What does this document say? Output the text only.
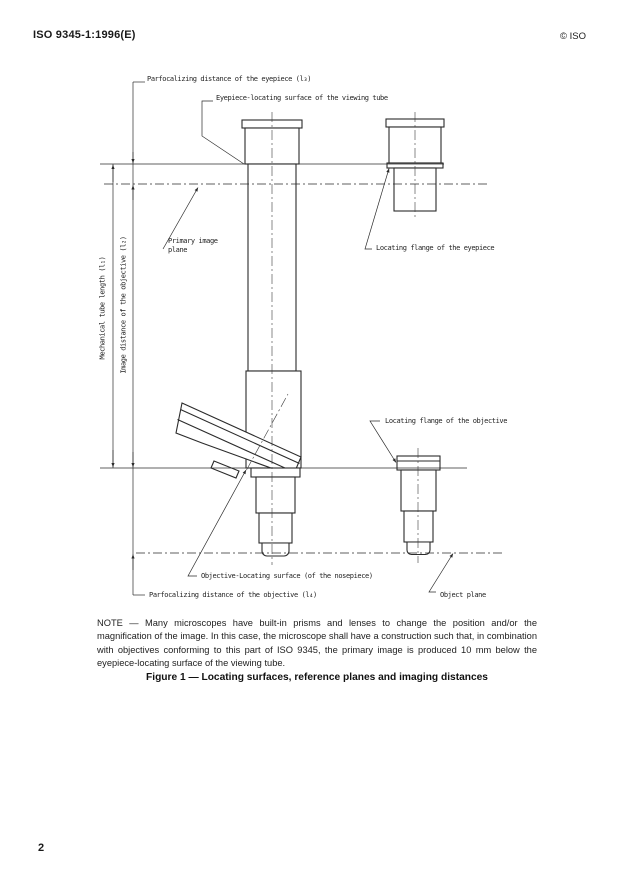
ISO 9345-1:1996(E)	© ISO
Parfocalizing distance of the eyepiece (l₃)
Eyepiece-locating surface of the viewing tube
Primary image plane	Locating flange of the eyepiece
Mechanical tube length (l₁) Image distance of the objective (l₂)
Locating flange of the objective
Objective-Locating surface (of the nosepiece)
Parfocalizing distance of the objective (l₄)	Object plane
NOTE — Many microscopes have built-in prisms and lenses to change the position and/or the magnification of the image. In this case, the microscope shall have a construction such that, in combination with objectives conforming to this part of ISO 9345, the primary image is produced 10 mm below the eyepiece-locating surface of the viewing tube.
Figure 1 — Locating surfaces, reference planes and imaging distances
2
